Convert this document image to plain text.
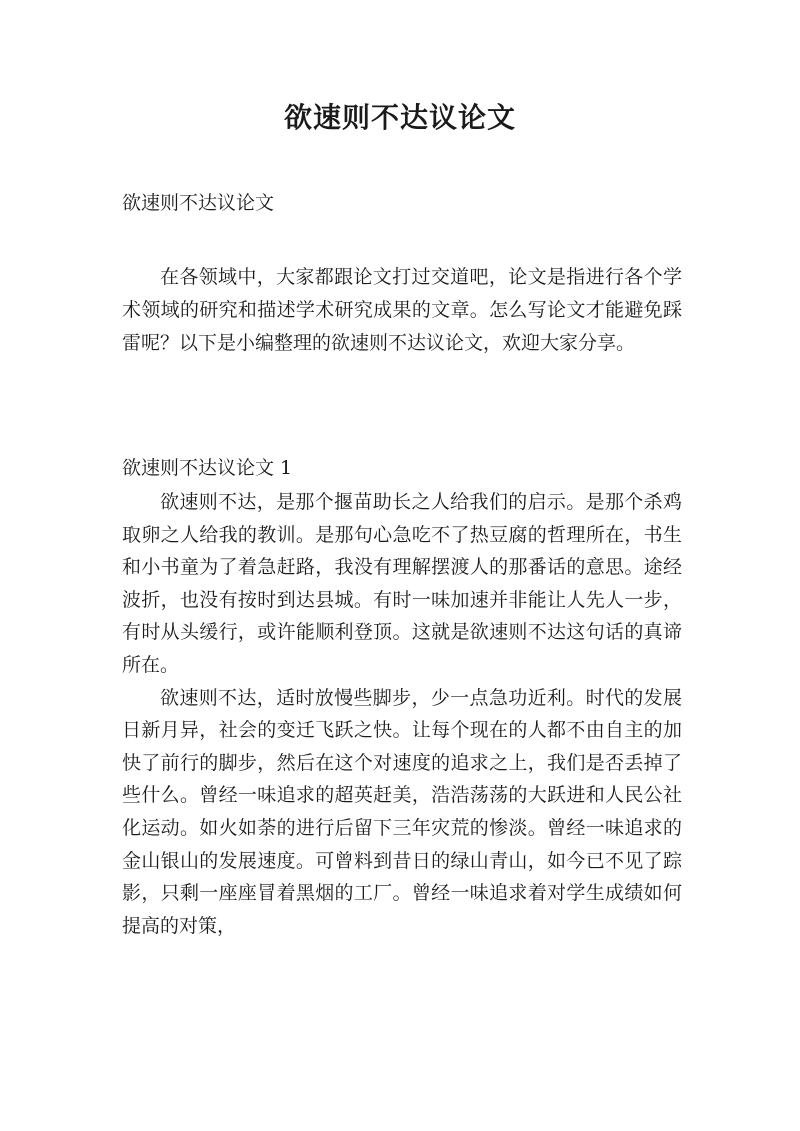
欲速则不达议论文
欲速则不达议论文

在各领域中，大家都跟论文打过交道吧，论文是指进行各个学术领域的研究和描述学术研究成果的文章。怎么写论文才能避免踩雷呢？以下是小编整理的欲速则不达议论文，欢迎大家分享。

欲速则不达议论文 1

欲速则不达，是那个揠苗助长之人给我们的启示。是那个杀鸡取卵之人给我的教训。是那句心急吃不了热豆腐的哲理所在，书生和小书童为了着急赶路，我没有理解摆渡人的那番话的意思。途经波折，也没有按时到达县城。有时一味加速并非能让人先人一步，有时从头缓行，或许能顺利登顶。这就是欲速则不达这句话的真谛所在。

欲速则不达，适时放慢些脚步，少一点急功近利。时代的发展日新月异，社会的变迁飞跃之快。让每个现在的人都不由自主的加快了前行的脚步，然后在这个对速度的追求之上，我们是否丢掉了些什么。曾经一味追求的超英赶美，浩浩荡荡的大跃进和人民公社化运动。如火如荼的进行后留下三年灾荒的惨淡。曾经一味追求的金山银山的发展速度。可曾料到昔日的绿山青山，如今已不见了踪影，只剩一座座冒着黑烟的工厂。曾经一味追求着对学生成绩如何提高的对策，
